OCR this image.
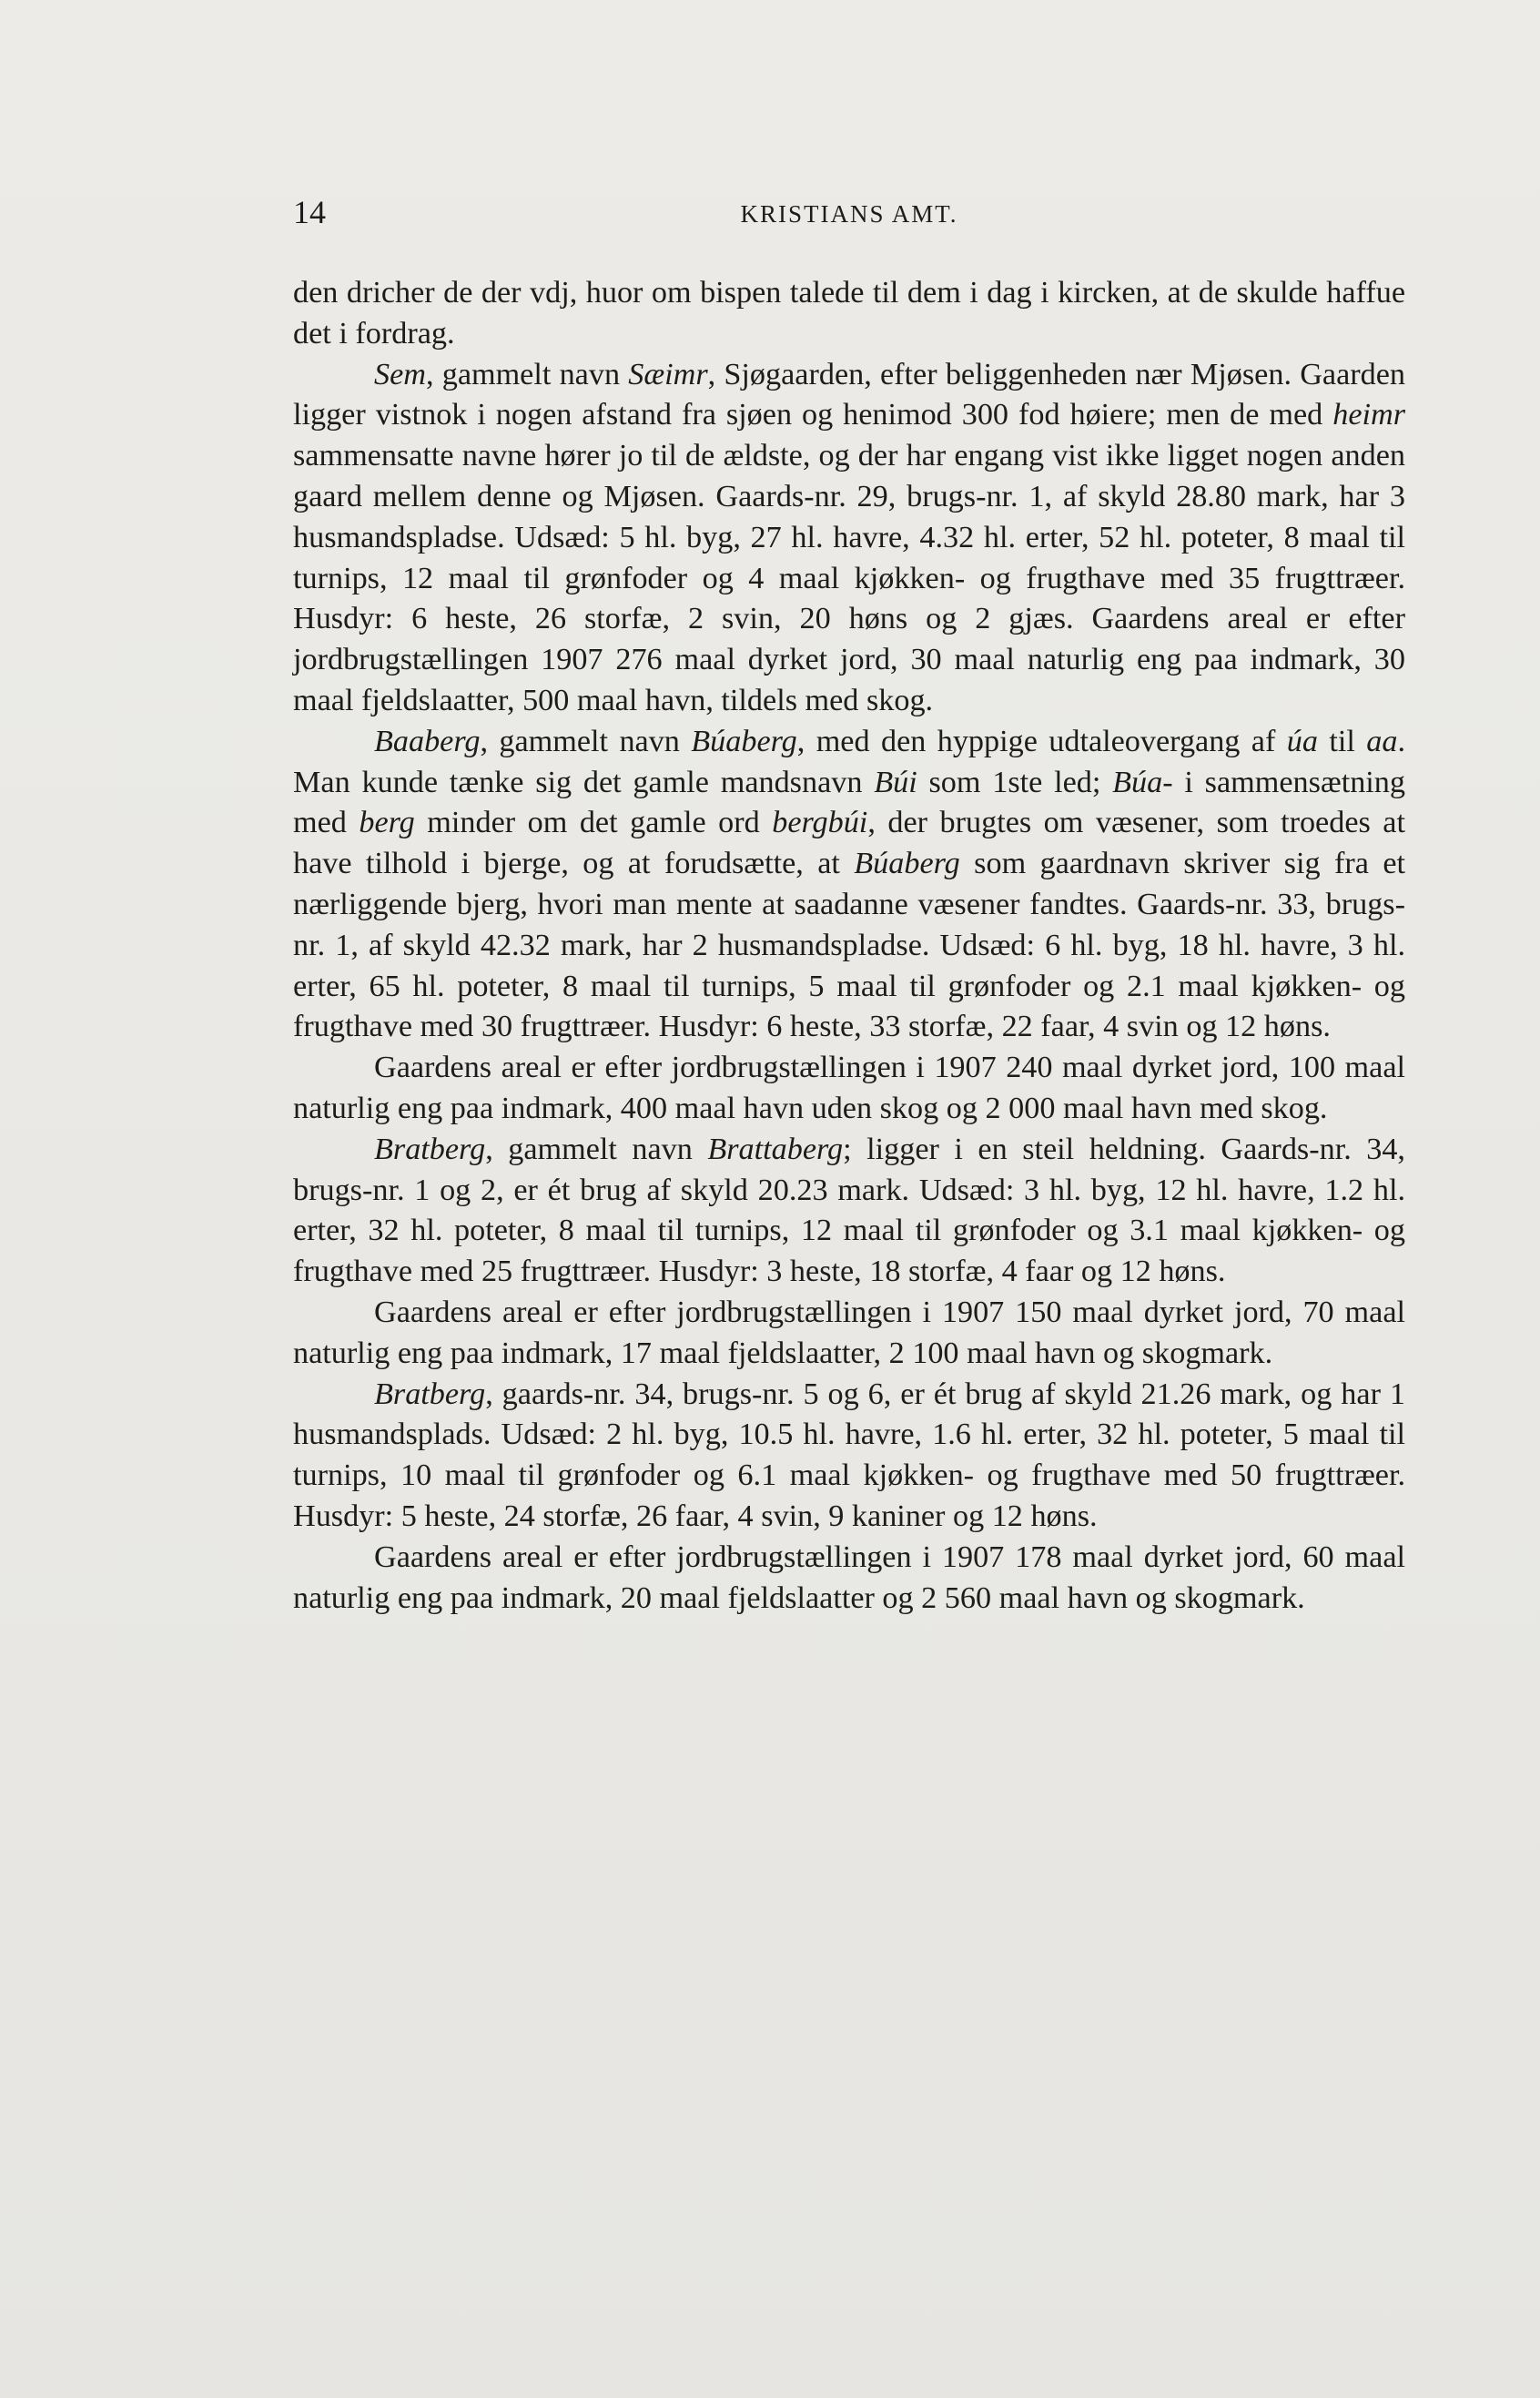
14	KRISTIANS AMT.

den dricher de der vdj, huor om bispen talede til dem i dag i kircken, at de skulde haffue det i fordrag.

Sem, gammelt navn Sæimr, Sjøgaarden, efter beliggenheden nær Mjøsen. Gaarden ligger vistnok i nogen afstand fra sjøen og henimod 300 fod høiere; men de med heimr sammensatte navne hører jo til de ældste, og der har engang vist ikke ligget nogen anden gaard mellem denne og Mjøsen. Gaards-nr. 29, brugs-nr. 1, af skyld 28.80 mark, har 3 husmandspladse. Udsæd: 5 hl. byg, 27 hl. havre, 4.32 hl. erter, 52 hl. poteter, 8 maal til turnips, 12 maal til grønfoder og 4 maal kjøkken- og frugthave med 35 frugttræer. Husdyr: 6 heste, 26 storfæ, 2 svin, 20 høns og 2 gjæs. Gaardens areal er efter jordbrugstællingen 1907 276 maal dyrket jord, 30 maal naturlig eng paa indmark, 30 maal fjeldslaatter, 500 maal havn, tildels med skog.

Baaberg, gammelt navn Búaberg, med den hyppige udtaleovergang af úa til aa. Man kunde tænke sig det gamle mandsnavn Búi som 1ste led; Búa- i sammensætning med berg minder om det gamle ord bergbúi, der brugtes om væsener, som troedes at have tilhold i bjerge, og at forudsætte, at Búaberg som gaardnavn skriver sig fra et nærliggende bjerg, hvori man mente at saadanne væsener fandtes. Gaards-nr. 33, brugs-nr. 1, af skyld 42.32 mark, har 2 husmandspladse. Udsæd: 6 hl. byg, 18 hl. havre, 3 hl. erter, 65 hl. poteter, 8 maal til turnips, 5 maal til grønfoder og 2.1 maal kjøkken- og frugthave med 30 frugttræer. Husdyr: 6 heste, 33 storfæ, 22 faar, 4 svin og 12 høns.

Gaardens areal er efter jordbrugstællingen i 1907 240 maal dyrket jord, 100 maal naturlig eng paa indmark, 400 maal havn uden skog og 2 000 maal havn med skog.

Bratberg, gammelt navn Brattaberg; ligger i en steil heldning. Gaards-nr. 34, brugs-nr. 1 og 2, er ét brug af skyld 20.23 mark. Udsæd: 3 hl. byg, 12 hl. havre, 1.2 hl. erter, 32 hl. poteter, 8 maal til turnips, 12 maal til grønfoder og 3.1 maal kjøkken- og frugthave med 25 frugttræer. Husdyr: 3 heste, 18 storfæ, 4 faar og 12 høns.

Gaardens areal er efter jordbrugstællingen i 1907 150 maal dyrket jord, 70 maal naturlig eng paa indmark, 17 maal fjeldslaatter, 2 100 maal havn og skogmark.

Bratberg, gaards-nr. 34, brugs-nr. 5 og 6, er ét brug af skyld 21.26 mark, og har 1 husmandsplads. Udsæd: 2 hl. byg, 10.5 hl. havre, 1.6 hl. erter, 32 hl. poteter, 5 maal til turnips, 10 maal til grønfoder og 6.1 maal kjøkken- og frugthave med 50 frugttræer. Husdyr: 5 heste, 24 storfæ, 26 faar, 4 svin, 9 kaniner og 12 høns.

Gaardens areal er efter jordbrugstællingen i 1907 178 maal dyrket jord, 60 maal naturlig eng paa indmark, 20 maal fjeldslaatter og 2 560 maal havn og skogmark.
